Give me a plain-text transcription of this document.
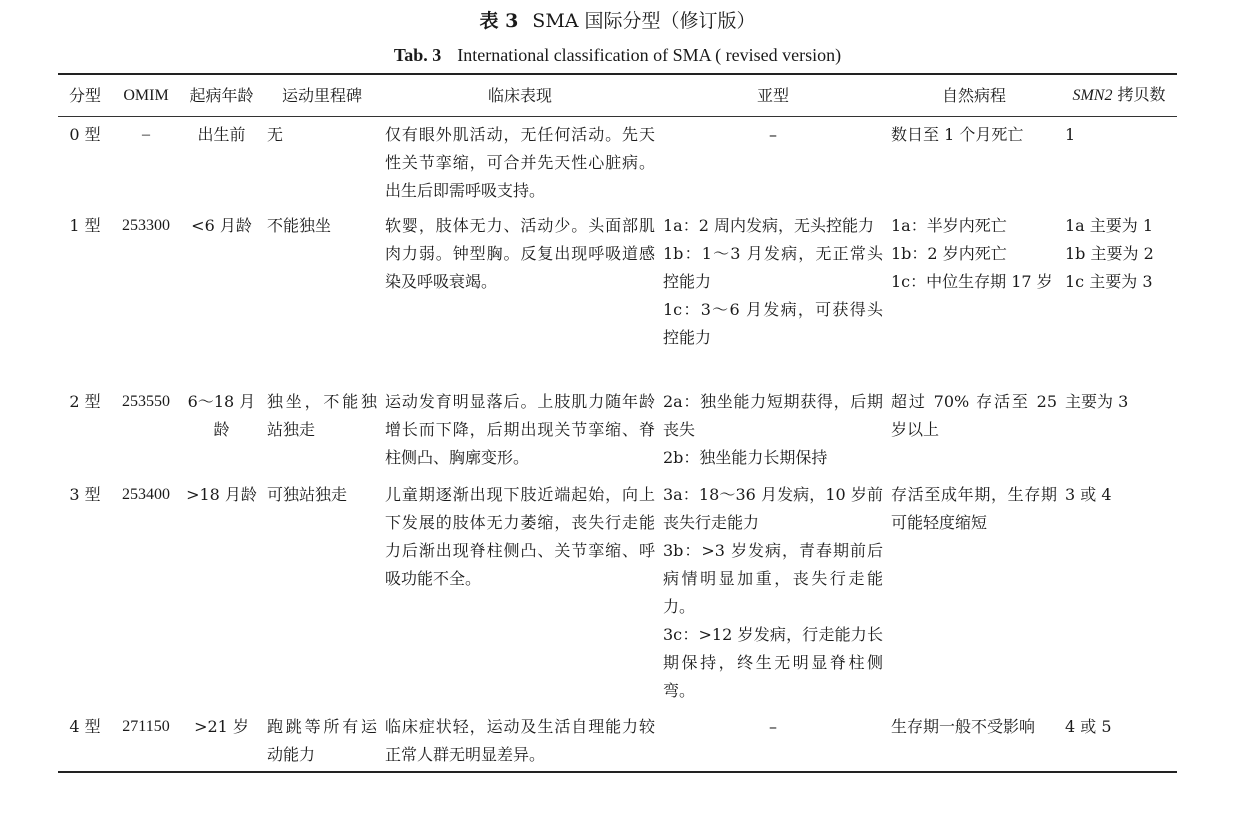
表 3 SMA 国际分型（修订版）
Tab. 3 International classification of SMA ( revised version)
分型	OMIM	起病年龄	运动里程碑	临床表现	亚型	自然病程	SMN2 拷贝数
0 型	–	出生前	无	仅有眼外肌活动，无任何活动。先天性关节挛缩，可合并先天性心脏病。出生后即需呼吸支持。	–	数日至 1 个月死亡	1

1 型	253300	<6 月龄	不能独坐	软婴，肢体无力、活动少。头面部肌肉力弱。钟型胸。反复出现呼吸道感染及呼吸衰竭。	1a：2 周内发病，无头控能力
1b：1～3 月发病，无正常头控能力
1c：3～6 月发病，可获得头控能力	1a：半岁内死亡
1b：2 岁内死亡
1c：中位生存期 17 岁	1a 主要为 1
1b 主要为 2
1c 主要为 3

2 型	253550	6～18 月龄	独坐，不能独站独走	运动发育明显落后。上肢肌力随年龄增长而下降，后期出现关节挛缩、脊柱侧凸、胸廓变形。	2a：独坐能力短期获得，后期丧失
2b：独坐能力长期保持	超过 70% 存活至 25 岁以上	主要为 3

3 型	253400	>18 月龄	可独站独走	儿童期逐渐出现下肢近端起始，向上下发展的肢体无力萎缩，丧失行走能力后渐出现脊柱侧凸、关节挛缩、呼吸功能不全。	3a：18～36 月发病，10 岁前丧失行走能力
3b：>3 岁发病，青春期前后病情明显加重，丧失行走能力。
3c：>12 岁发病，行走能力长期保持，终生无明显脊柱侧弯。	存活至成年期，生存期可能轻度缩短	3 或 4

4 型	271150	>21 岁	跑跳等所有运动能力	临床症状轻，运动及生活自理能力较正常人群无明显差异。	–	生存期一般不受影响	4 或 5
